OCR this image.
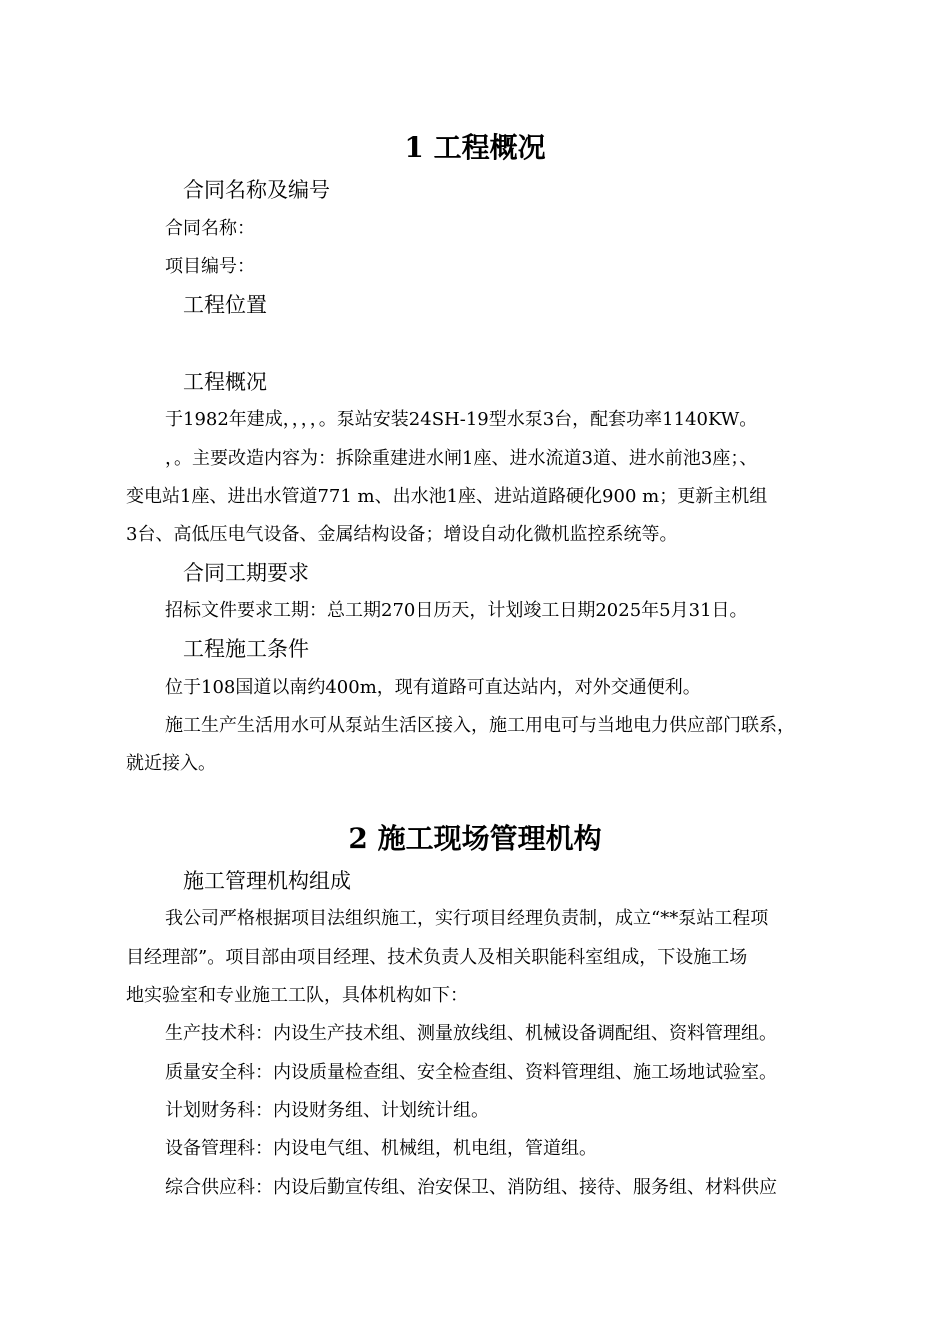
1 工程概况
合同名称及编号
合同名称：
项目编号：
工程位置
工程概况
于1982年建成，，，，。泵站安装24SH-19型水泵3台，配套功率1140KW。
，。主要改造内容为：拆除重建进水闸1座、进水流道3道、进水前池3座；、
变电站1座、进出水管道771 m、出水池1座、进站道路硬化900 m；更新主机组
3台、高低压电气设备、金属结构设备；增设自动化微机监控系统等。
合同工期要求
招标文件要求工期：总工期270日历天，计划竣工日期2025年5月31日。
工程施工条件
位于108国道以南约400m，现有道路可直达站内，对外交通便利。
施工生产生活用水可从泵站生活区接入，施工用电可与当地电力供应部门联系，
就近接入。
2 施工现场管理机构
施工管理机构组成
我公司严格根据项目法组织施工，实行项目经理负责制，成立“**泵站工程项
目经理部”。项目部由项目经理、技术负责人及相关职能科室组成，下设施工场
地实验室和专业施工工队，具体机构如下：
生产技术科：内设生产技术组、测量放线组、机械设备调配组、资料管理组。
质量安全科：内设质量检查组、安全检查组、资料管理组、施工场地试验室。
计划财务科：内设财务组、计划统计组。
设备管理科：内设电气组、机械组，机电组，管道组。
综合供应科：内设后勤宣传组、治安保卫、消防组、接待、服务组、材料供应
